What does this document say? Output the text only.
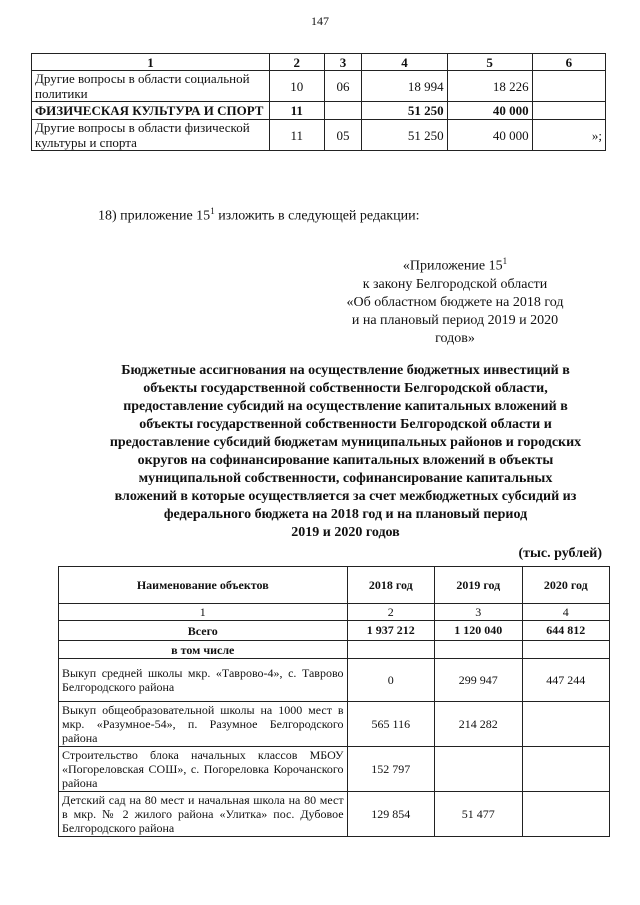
147
1	2	3	4	5	6
Другие вопросы в области социальной политики	10	06	18 994	18 226	
ФИЗИЧЕСКАЯ КУЛЬТУРА И СПОРТ	11		51 250	40 000	
Другие вопросы в области физической культуры и спорта	11	05	51 250	40 000	»;
18) приложение $15^1$ изложить в следующей редакции:
«Приложение $15^1$
к закону Белгородской области
«Об областном бюджете на 2018 год
и на плановый период 2019 и 2020
годов»
Бюджетные ассигнования на осуществление бюджетных инвестиций в
объекты государственной собственности Белгородской области,
предоставление субсидий на осуществление капитальных вложений в
объекты государственной собственности Белгородской области и
предоставление субсидий бюджетам муниципальных районов и городских
округов на софинансирование капитальных вложений в объекты
муниципальной собственности, софинансирование капитальных
вложений в которые осуществляется за счет межбюджетных субсидий из
федерального бюджета на 2018 год и на плановый период
2019 и 2020 годов
(тыс. рублей)
Наименование объектов	2018 год	2019 год	2020 год
1	2	3	4
Всего	1 937 212	1 120 040	644 812
в том числе			
Выкуп средней школы мкр. «Таврово-4», с. Таврово Белгородского района	0	299 947	447 244
Выкуп общеобразовательной школы на 1000 мест в мкр. «Разумное-54», п. Разумное Белгородского района	565 116	214 282	
Строительство блока начальных классов МБОУ «Погореловская СОШ», с. Погореловка Корочанского района	152 797		
Детский сад на 80 мест и начальная школа на 80 мест в мкр. № 2 жилого района «Улитка» пос. Дубовое Белгородского района	129 854	51 477	
